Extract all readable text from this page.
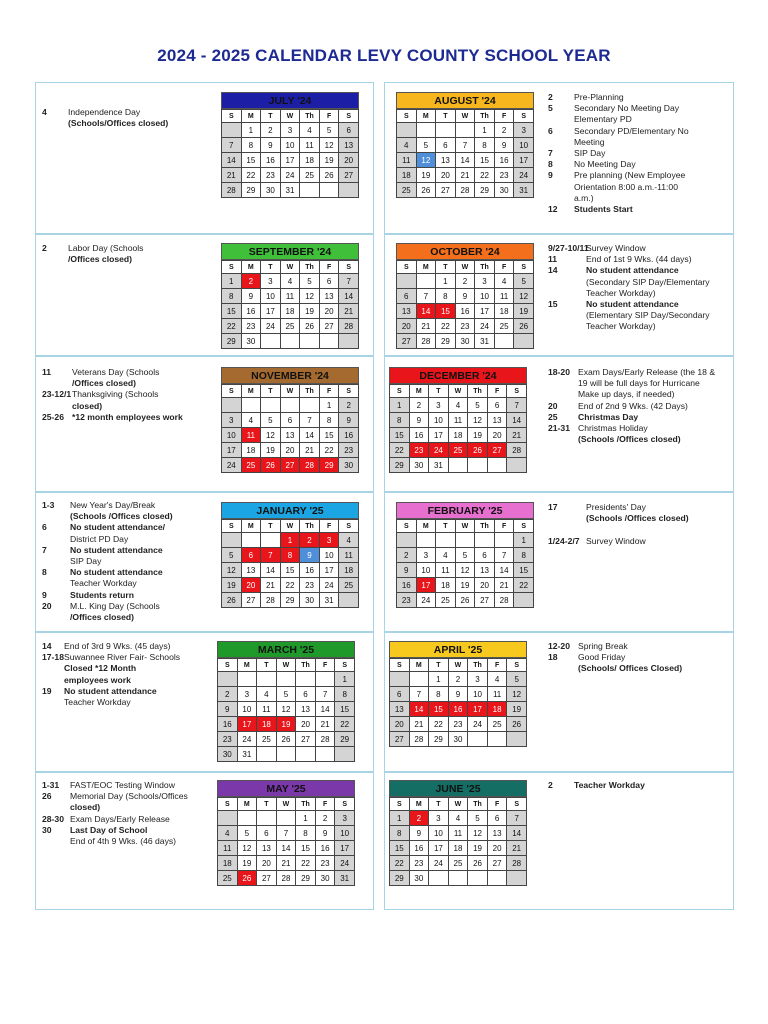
2024 - 2025 CALENDAR LEVY COUNTY SCHOOL YEAR
4	Independence Day
(Schools/Offices closed)
2	Pre-Planning
5	Secondary No Meeting Day
Elementary PD
6	Secondary PD/Elementary No
Meeting
7	SIP Day
8	No Meeting Day
9	Pre planning (New Employee
Orientation 8:00 a.m.-11:00
a.m.)
12	Students Start
2	Labor Day (Schools
/Offices closed)
9/27-10/11
Survey Window
11	End of 1st 9 Wks. (44 days)
14	No student attendance
(Secondary SIP Day/Elementary
Teacher Workday)
15	No student attendance
(Elementary SIP Day/Secondary
Teacher Workday)
11	Veterans Day (Schools
/Offices closed)
23-12/1 Thanksgiving (Schools
closed)
25-26 *12 month employees work
18-20 Exam Days/Early Release (the 18 &
19 will be full days for Hurricane
Make up days, if needed)
20	End of 2nd 9 Wks. (42 Days)
25	Christmas Day
21-31 Christmas Holiday
(Schools /Offices closed)
1-3	New Year's Day/Break
(Schools /Offices closed)
6	No student attendance/
District PD Day
7	No student attendance
SIP Day
8	No student attendance
Teacher Workday
9	Students return
20	M.L. King Day (Schools
/Offices closed)
17	Presidents' Day
(Schools /Offices closed)

1/24-2/7 Survey Window
14	End of 3rd 9 Wks. (45 days)
17-18 Suwannee River Fair- Schools
Closed *12 Month
employees work
19	No student attendance
Teacher Workday
12-20 Spring Break
18	Good Friday
(Schools/ Offices Closed)
1-31	FAST/EOC Testing Window
26	Memorial Day (Schools/Offices
closed)
28-30 Exam Days/Early Release
30	Last Day of School
End of 4th 9 Wks. (46 days)
2	Teacher Workday
JULY '24
S	M	T	W	Th	F	S
	1	2	3	4	5	6
7	8	9	10	11	12	13
14	15	16	17	18	19	20
21	22	23	24	25	26	27
28	29	30	31			
AUGUST '24
S	M	T	W	Th	F	S
				1	2	3
4	5	6	7	8	9	10
11	12	13	14	15	16	17
18	19	20	21	22	23	24
25	26	27	28	29	30	31
SEPTEMBER '24
S	M	T	W	Th	F	S
1	2	3	4	5	6	7
8	9	10	11	12	13	14
15	16	17	18	19	20	21
22	23	24	25	26	27	28
29	30					
OCTOBER '24
S	M	T	W	Th	F	S
		1	2	3	4	5
6	7	8	9	10	11	12
13	14	15	16	17	18	19
20	21	22	23	24	25	26
27	28	29	30	31		
NOVEMBER '24
S	M	T	W	Th	F	S
					1	2
3	4	5	6	7	8	9
10	11	12	13	14	15	16
17	18	19	20	21	22	23
24	25	26	27	28	29	30
DECEMBER '24
S	M	T	W	Th	F	S
1	2	3	4	5	6	7
8	9	10	11	12	13	14
15	16	17	18	19	20	21
22	23	24	25	26	27	28
29	30	31				
JANUARY '25
S	M	T	W	Th	F	S
			1	2	3	4
5	6	7	8	9	10	11
12	13	14	15	16	17	18
19	20	21	22	23	24	25
26	27	28	29	30	31	
FEBRUARY '25
S	M	T	W	Th	F	S
						1
2	3	4	5	6	7	8
9	10	11	12	13	14	15
16	17	18	19	20	21	22
23	24	25	26	27	28	
MARCH '25
S	M	T	W	Th	F	S
						1
2	3	4	5	6	7	8
9	10	11	12	13	14	15
16	17	18	19	20	21	22
23	24	25	26	27	28	29
30	31					
APRIL '25
S	M	T	W	Th	F	S
		1	2	3	4	5
6	7	8	9	10	11	12
13	14	15	16	17	18	19
20	21	22	23	24	25	26
27	28	29	30			
MAY '25
S	M	T	W	Th	F	S
				1	2	3
4	5	6	7	8	9	10
11	12	13	14	15	16	17
18	19	20	21	22	23	24
25	26	27	28	29	30	31
JUNE '25
S	M	T	W	Th	F	S
1	2	3	4	5	6	7
8	9	10	11	12	13	14
15	16	17	18	19	20	21
22	23	24	25	26	27	28
29	30					
